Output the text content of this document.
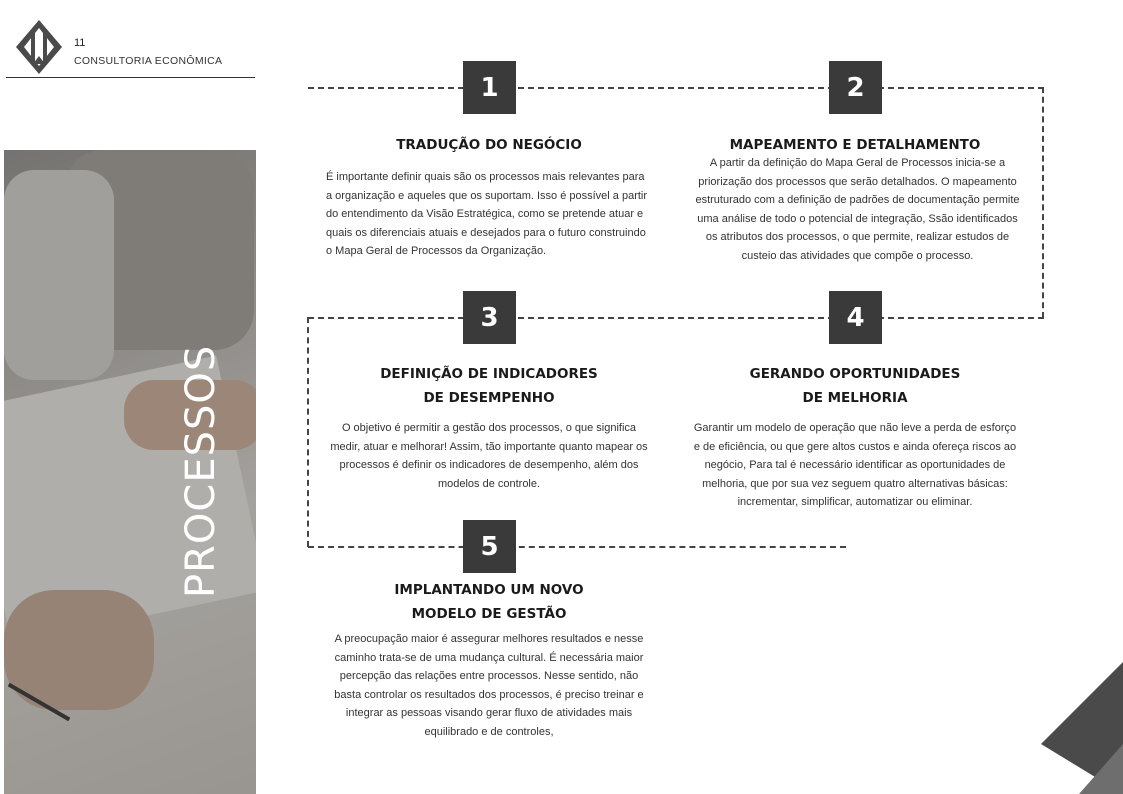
11
CONSULTORIA ECONÔMICA
PROCESSOS
1	2
3	4
5
TRADUÇÃO DO NEGÓCIO
É importante definir quais são os processos mais relevantes para a organização e aqueles que os suportam. Isso é possível a partir do entendimento da Visão Estratégica, como se pretende atuar e quais os diferenciais atuais e desejados para o futuro construindo o Mapa Geral de Processos da Organização.
MAPEAMENTO E DETALHAMENTO
A partir da definição do Mapa Geral de Processos inicia-se a priorização dos processos que serão detalhados. O mapeamento estruturado com a definição de padrões de documentação permite uma análise de todo o potencial de integração, Ssão identificados os atributos dos processos, o que permite, realizar estudos de custeio das atividades que compõe o processo.
DEFINIÇÃO DE INDICADORES
DE DESEMPENHO
O objetivo é permitir a gestão dos processos, o que significa medir, atuar e melhorar! Assim, tão importante quanto mapear os processos é definir os indicadores de desempenho, além dos modelos de controle.
GERANDO OPORTUNIDADES
DE MELHORIA
Garantir um modelo de operação que não leve a perda de esforço e de eficiência, ou que gere altos custos e ainda ofereça riscos ao negócio, Para tal é necessário identificar as oportunidades de melhoria, que por sua vez seguem quatro alternativas básicas: incrementar, simplificar, automatizar ou eliminar.
IMPLANTANDO UM NOVO
MODELO DE GESTÃO
A preocupação maior é assegurar melhores resultados e nesse caminho trata-se de uma mudança cultural. É necessária maior percepção das relações entre processos. Nesse sentido, não basta controlar os resultados dos processos, é preciso treinar e integrar as pessoas visando gerar fluxo de atividades mais equilibrado e de controles,
